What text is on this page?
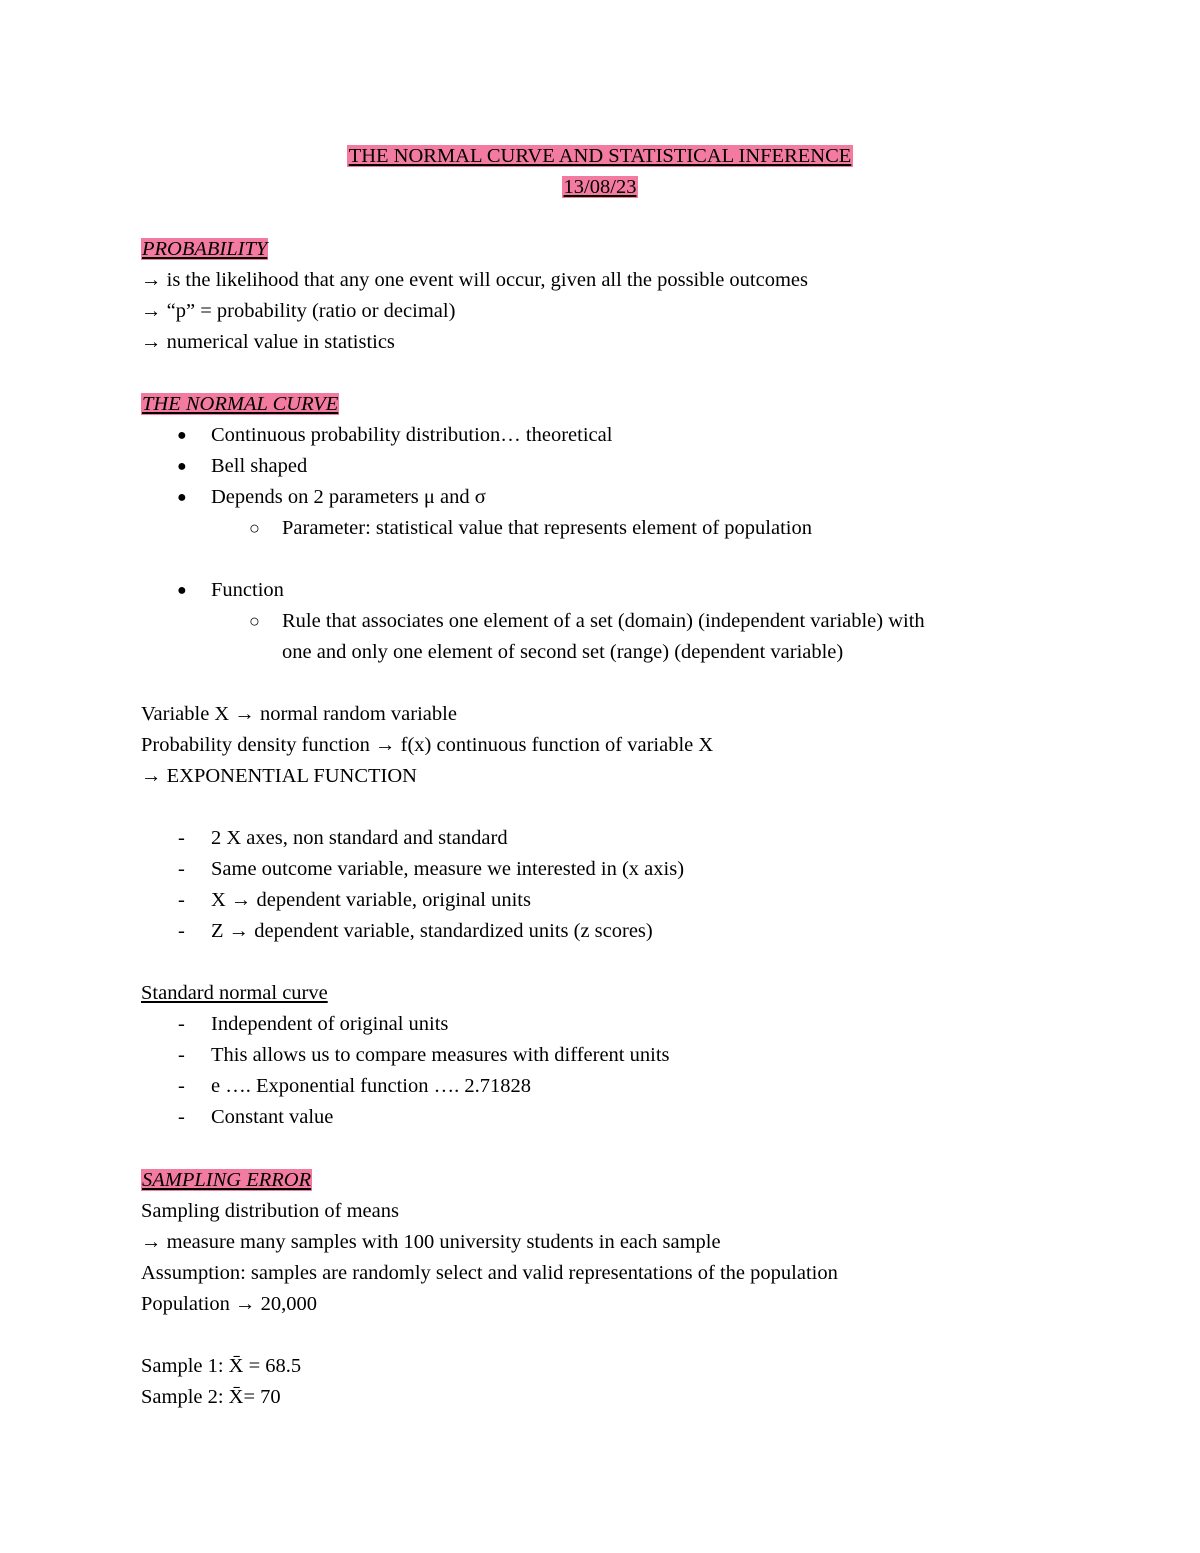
THE NORMAL CURVE AND STATISTICAL INFERENCE
13/08/23
PROBABILITY
→ is the likelihood that any one event will occur, given all the possible outcomes
→ “p” = probability (ratio or decimal)
→ numerical value in statistics
THE NORMAL CURVE
● Continuous probability distribution… theoretical
● Bell shaped
● Depends on 2 parameters μ and σ
○ Parameter: statistical value that represents element of population
● Function
○ Rule that associates one element of a set (domain) (independent variable) with
one and only one element of second set (range) (dependent variable)
Variable X → normal random variable
Probability density function → f(x) continuous function of variable X
→ EXPONENTIAL FUNCTION
- 2 X axes, non standard and standard
- Same outcome variable, measure we interested in (x axis)
- X → dependent variable, original units
- Z → dependent variable, standardized units (z scores)
Standard normal curve
- Independent of original units
- This allows us to compare measures with different units
- e …. Exponential function …. 2.71828
- Constant value
SAMPLING ERROR
Sampling distribution of means
→ measure many samples with 100 university students in each sample
Assumption: samples are randomly select and valid representations of the population
Population → 20,000
Sample 1: X̄ = 68.5
Sample 2: X̄= 70
